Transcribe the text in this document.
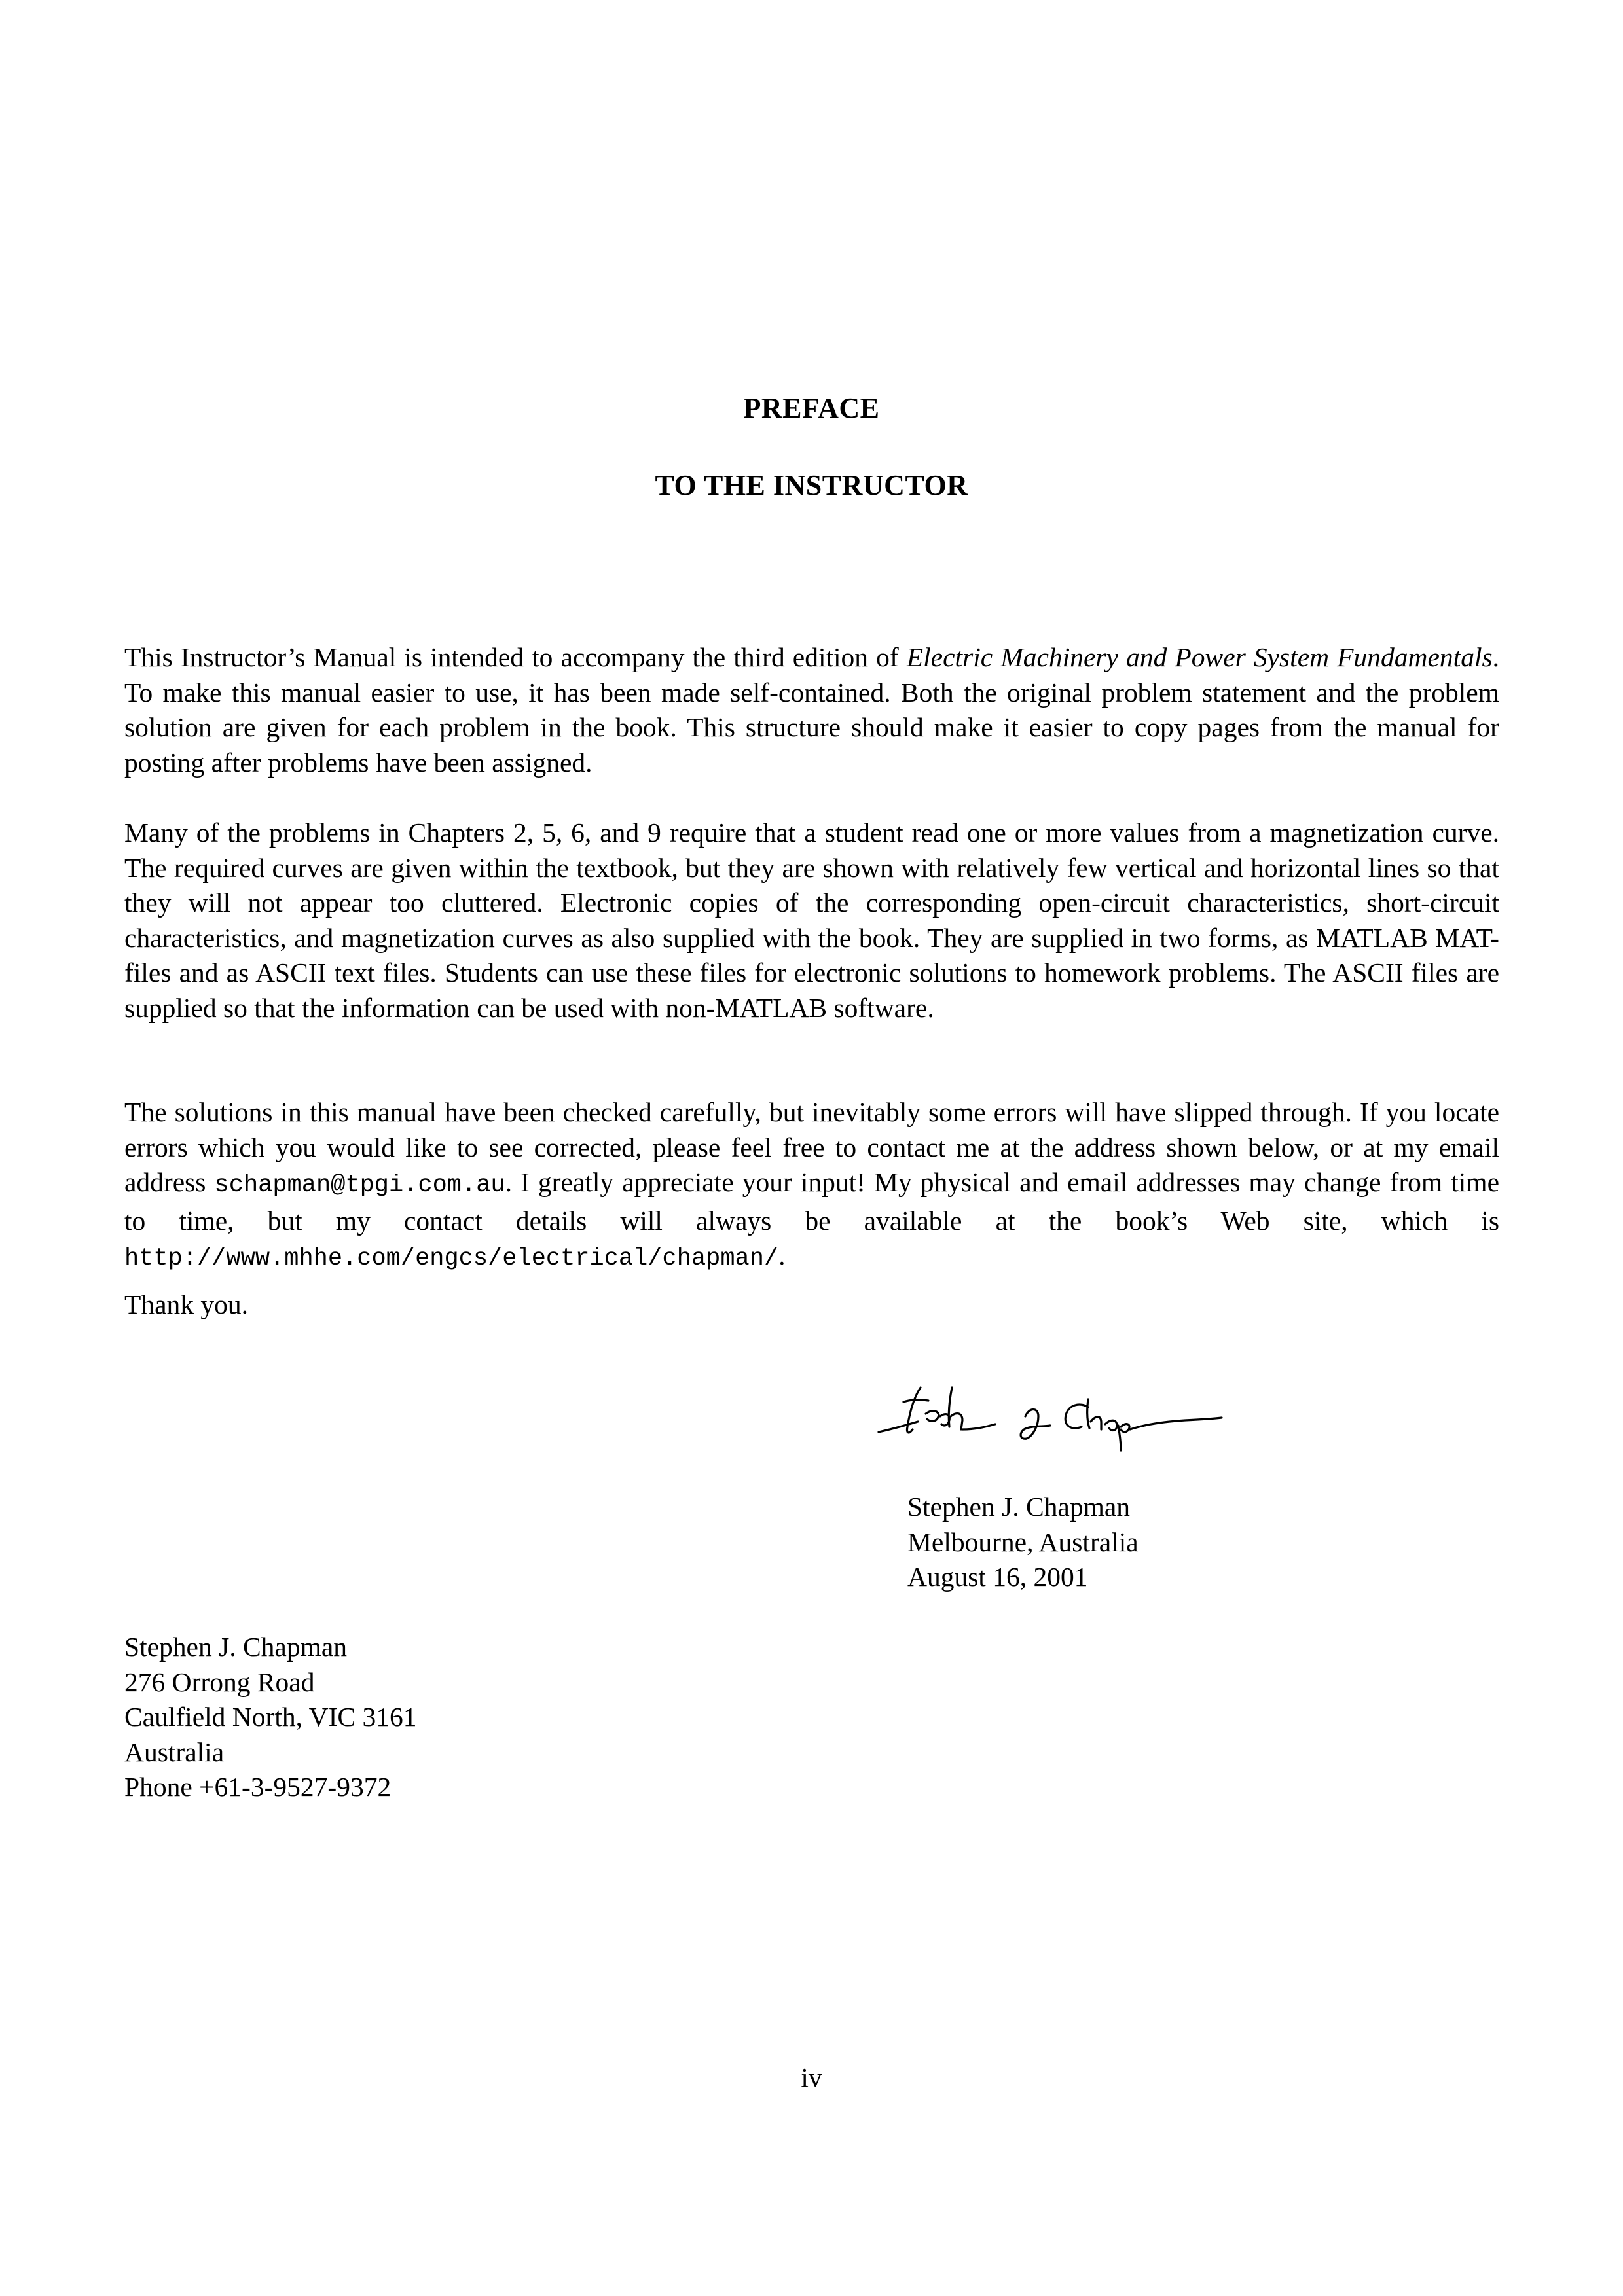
PREFACE
TO THE INSTRUCTOR

This Instructor’s Manual is intended to accompany the third edition of Electric Machinery and Power System Fundamentals. To make this manual easier to use, it has been made self-contained. Both the original problem statement and the problem solution are given for each problem in the book. This structure should make it easier to copy pages from the manual for posting after problems have been assigned.

Many of the problems in Chapters 2, 5, 6, and 9 require that a student read one or more values from a magnetization curve. The required curves are given within the textbook, but they are shown with relatively few vertical and horizontal lines so that they will not appear too cluttered. Electronic copies of the corresponding open-circuit characteristics, short-circuit characteristics, and magnetization curves as also supplied with the book. They are supplied in two forms, as MATLAB MAT-files and as ASCII text files. Students can use these files for electronic solutions to homework problems. The ASCII files are supplied so that the information can be used with non-MATLAB software.

The solutions in this manual have been checked carefully, but inevitably some errors will have slipped through. If you locate errors which you would like to see corrected, please feel free to contact me at the address shown below, or at my email address schapman@tpgi.com.au. I greatly appreciate your input! My physical and email addresses may change from time to time, but my contact details will always be available at the book’s Web site, which is http://www.mhhe.com/engcs/electrical/chapman/.

Thank you.

Stephen J. Chapman
Melbourne, Australia
August 16, 2001
Stephen J. Chapman
276 Orrong Road
Caulfield North, VIC 3161
Australia
Phone +61-3-9527-9372
iv
